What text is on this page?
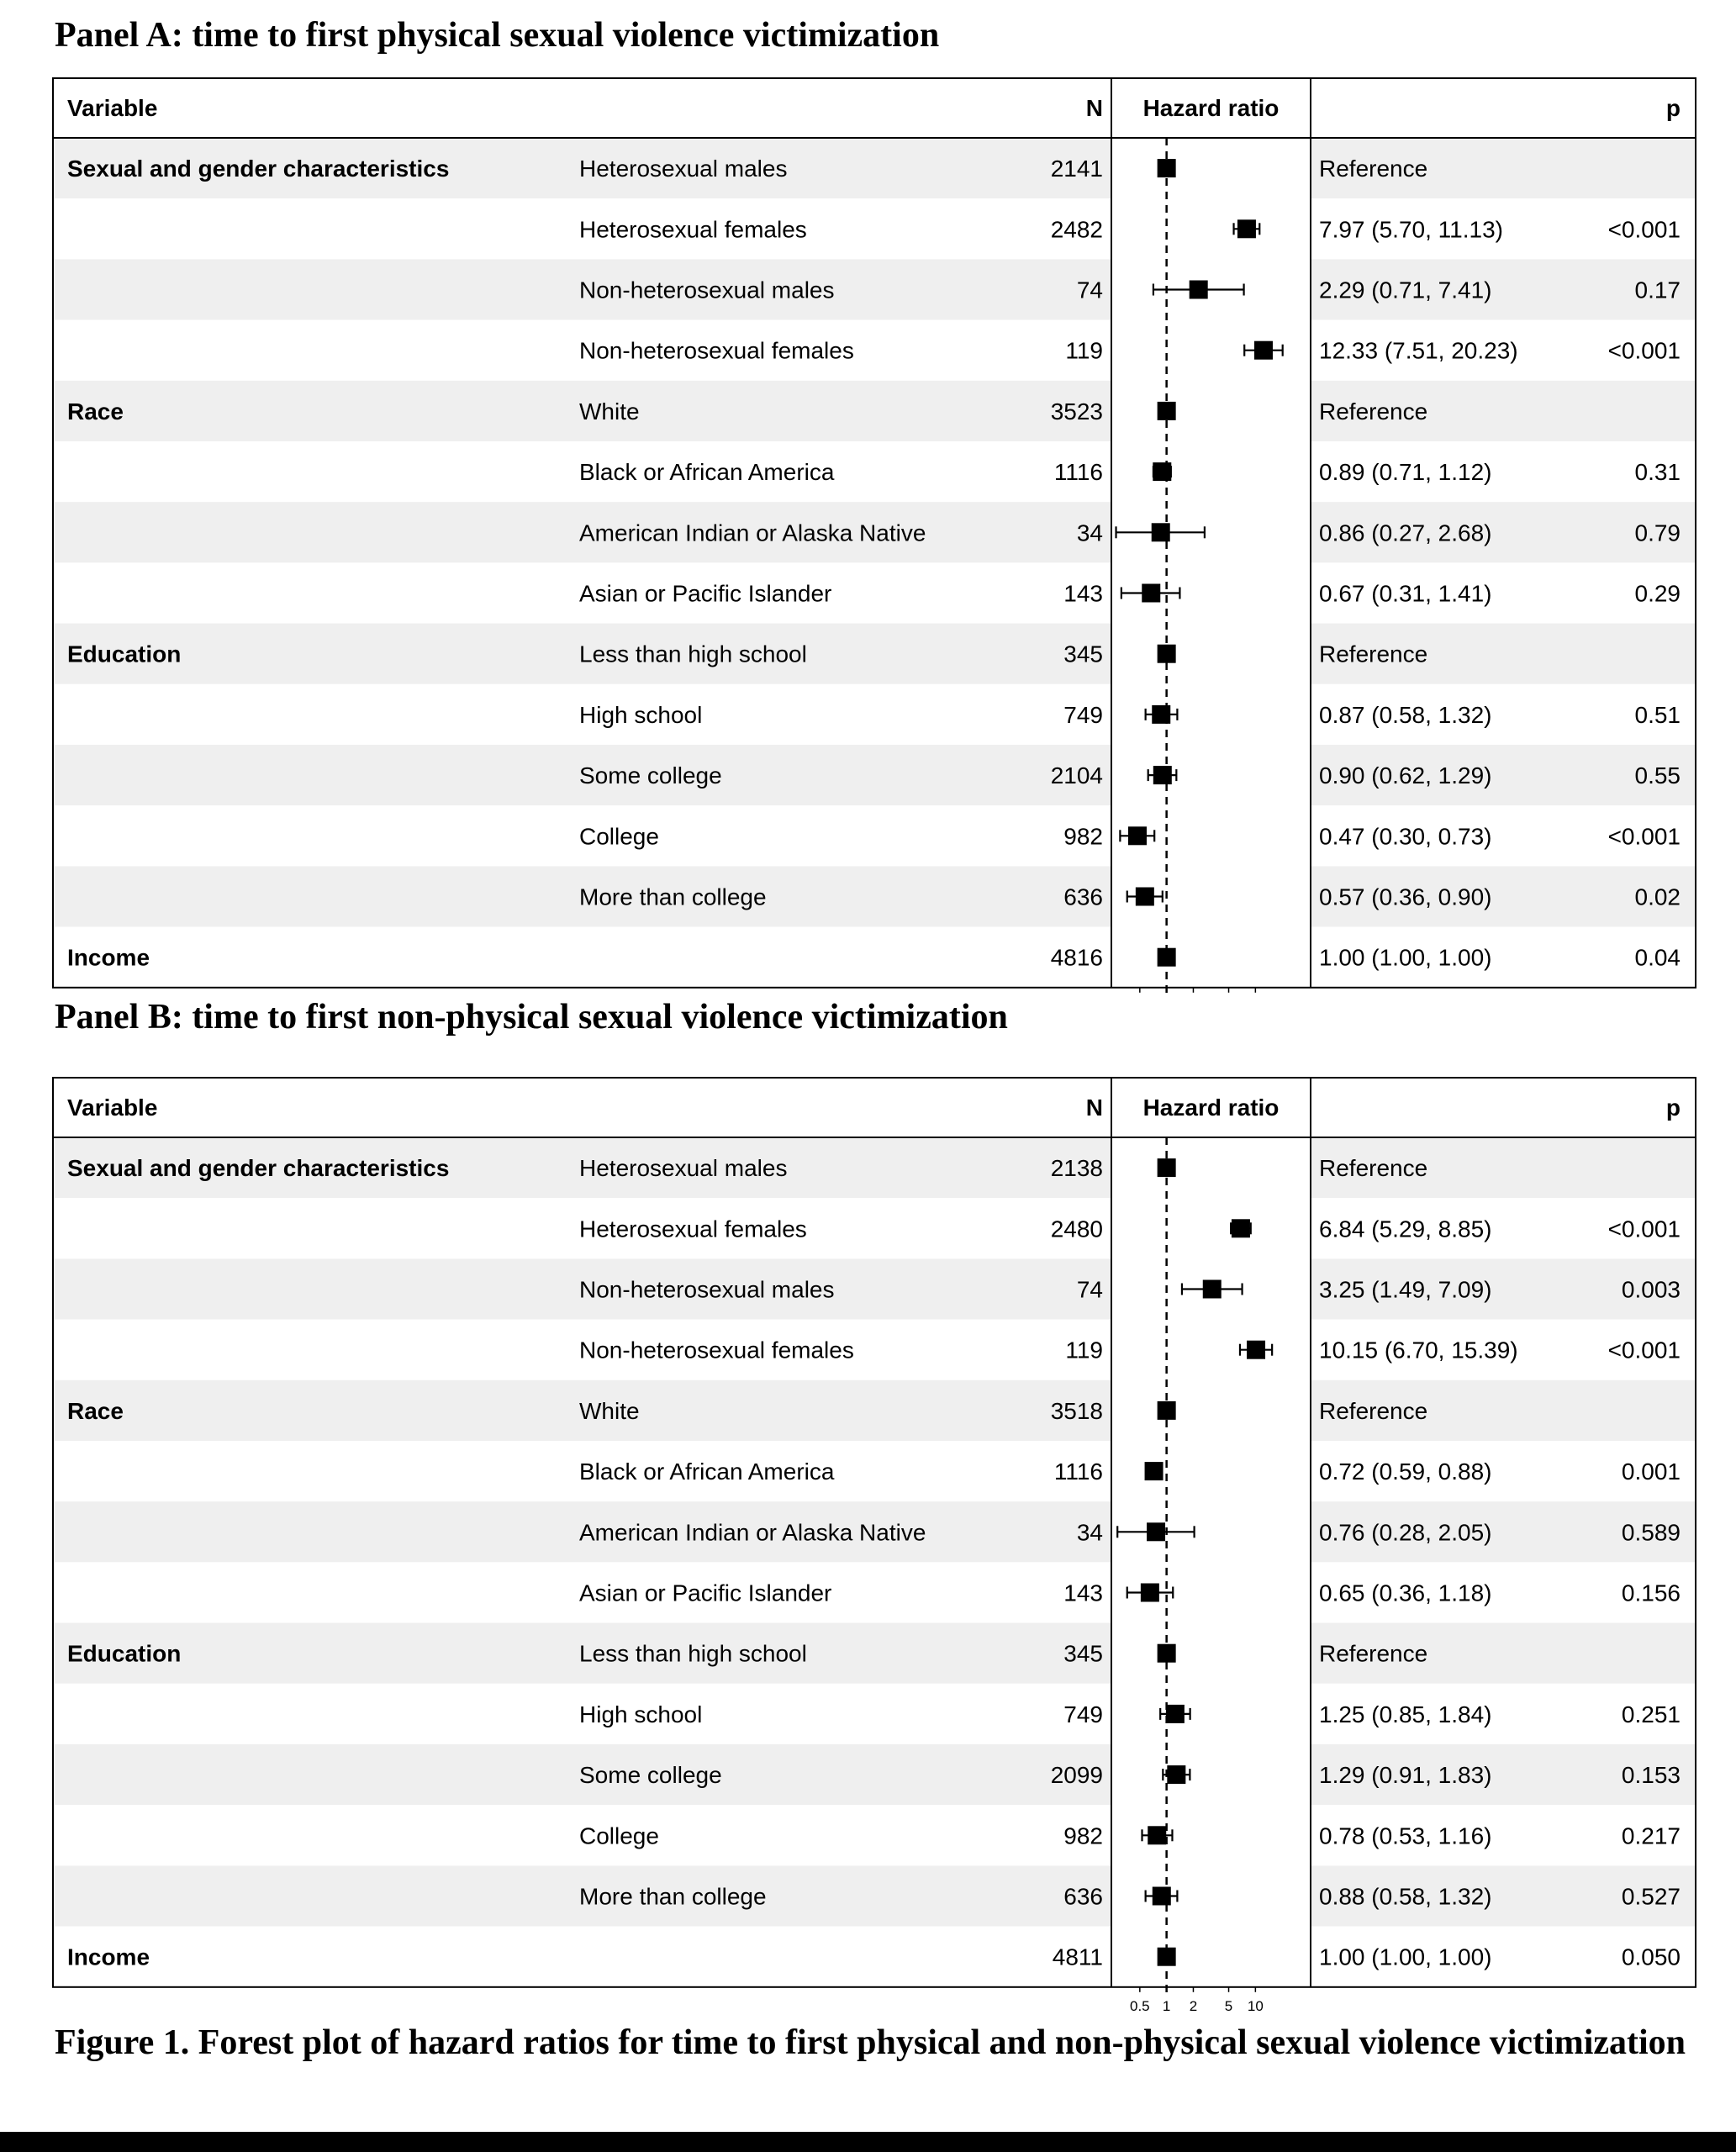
Panel A: time to first physical sexual violence victimization
Variable	N Hazard ratio	p
Sexual and gender characteristics	Heterosexual males	2141	Reference
Heterosexual females	2482	7.97 (5.70, 11.13)	<0.001
Non-heterosexual males	74	2.29 (0.71, 7.41)	0.17
Non-heterosexual females	119	12.33 (7.51, 20.23)	<0.001
Race	White	3523	Reference
Black or African America	1116	0.89 (0.71, 1.12)	0.31
American Indian or Alaska Native	34	0.86 (0.27, 2.68)	0.79
Asian or Pacific Islander	143	0.67 (0.31, 1.41)	0.29
Education	Less than high school	345	Reference
High school	749	0.87 (0.58, 1.32)	0.51
Some college	2104	0.90 (0.62, 1.29)	0.55
College	982	0.47 (0.30, 0.73)	<0.001
More than college	636	0.57 (0.36, 0.90)	0.02
Income	4816	1.00 (1.00, 1.00)	0.04
Panel B: time to first non-physical sexual violence victimization
Variable	N Hazard ratio	p
Sexual and gender characteristics	Heterosexual males	2138	Reference
Heterosexual females	2480	6.84 (5.29, 8.85)	<0.001
Non-heterosexual males	74	3.25 (1.49, 7.09)	0.003
Non-heterosexual females	119	10.15 (6.70, 15.39)	<0.001
Race	White	3518	Reference
Black or African America	1116	0.72 (0.59, 0.88)	0.001
American Indian or Alaska Native	34	0.76 (0.28, 2.05)	0.589
Asian or Pacific Islander	143	0.65 (0.36, 1.18)	0.156
Education	Less than high school	345	Reference
High school	749	1.25 (0.85, 1.84)	0.251
Some college	2099	1.29 (0.91, 1.83)	0.153
College	982	0.78 (0.53, 1.16)	0.217
More than college	636	0.88 (0.58, 1.32)	0.527
Income	4811	1.00 (1.00, 1.00)	0.050
0.5 1 2 5 10
Figure 1. Forest plot of hazard ratios for time to first physical and non-physical sexual violence victimization
